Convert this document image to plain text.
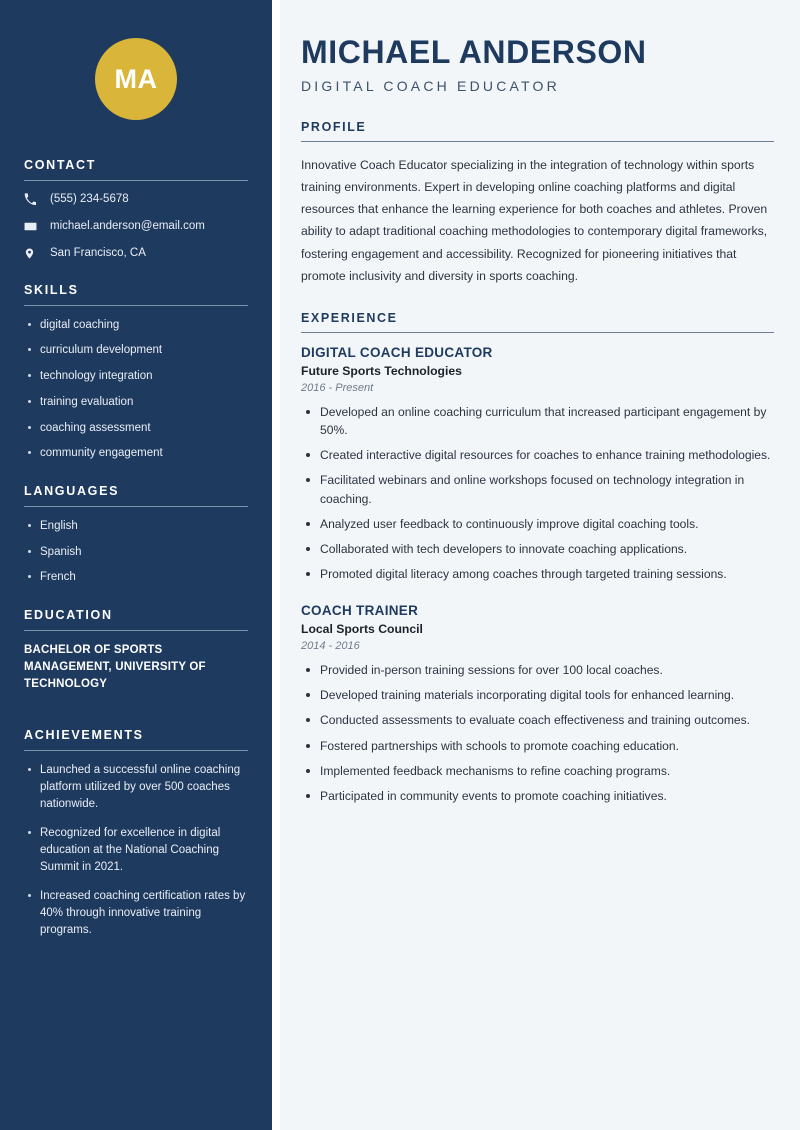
MA
CONTACT
(555) 234-5678
michael.anderson@email.com
San Francisco, CA
SKILLS
digital coaching
curriculum development
technology integration
training evaluation
coaching assessment
community engagement
LANGUAGES
English
Spanish
French
EDUCATION
BACHELOR OF SPORTS MANAGEMENT, UNIVERSITY OF TECHNOLOGY
ACHIEVEMENTS
Launched a successful online coaching platform utilized by over 500 coaches nationwide.
Recognized for excellence in digital education at the National Coaching Summit in 2021.
Increased coaching certification rates by 40% through innovative training programs.
MICHAEL ANDERSON
DIGITAL COACH EDUCATOR
PROFILE

Innovative Coach Educator specializing in the integration of technology within sports training environments. Expert in developing online coaching platforms and digital resources that enhance the learning experience for both coaches and athletes. Proven ability to adapt traditional coaching methodologies to contemporary digital frameworks, fostering engagement and accessibility. Recognized for pioneering initiatives that promote inclusivity and diversity in sports coaching.

EXPERIENCE
DIGITAL COACH EDUCATOR
Future Sports Technologies
2016 - Present
Developed an online coaching curriculum that increased participant engagement by 50%.
Created interactive digital resources for coaches to enhance training methodologies.
Facilitated webinars and online workshops focused on technology integration in coaching.
Analyzed user feedback to continuously improve digital coaching tools.
Collaborated with tech developers to innovate coaching applications.
Promoted digital literacy among coaches through targeted training sessions.
COACH TRAINER
Local Sports Council
2014 - 2016
Provided in-person training sessions for over 100 local coaches.
Developed training materials incorporating digital tools for enhanced learning.
Conducted assessments to evaluate coach effectiveness and training outcomes.
Fostered partnerships with schools to promote coaching education.
Implemented feedback mechanisms to refine coaching programs.
Participated in community events to promote coaching initiatives.
